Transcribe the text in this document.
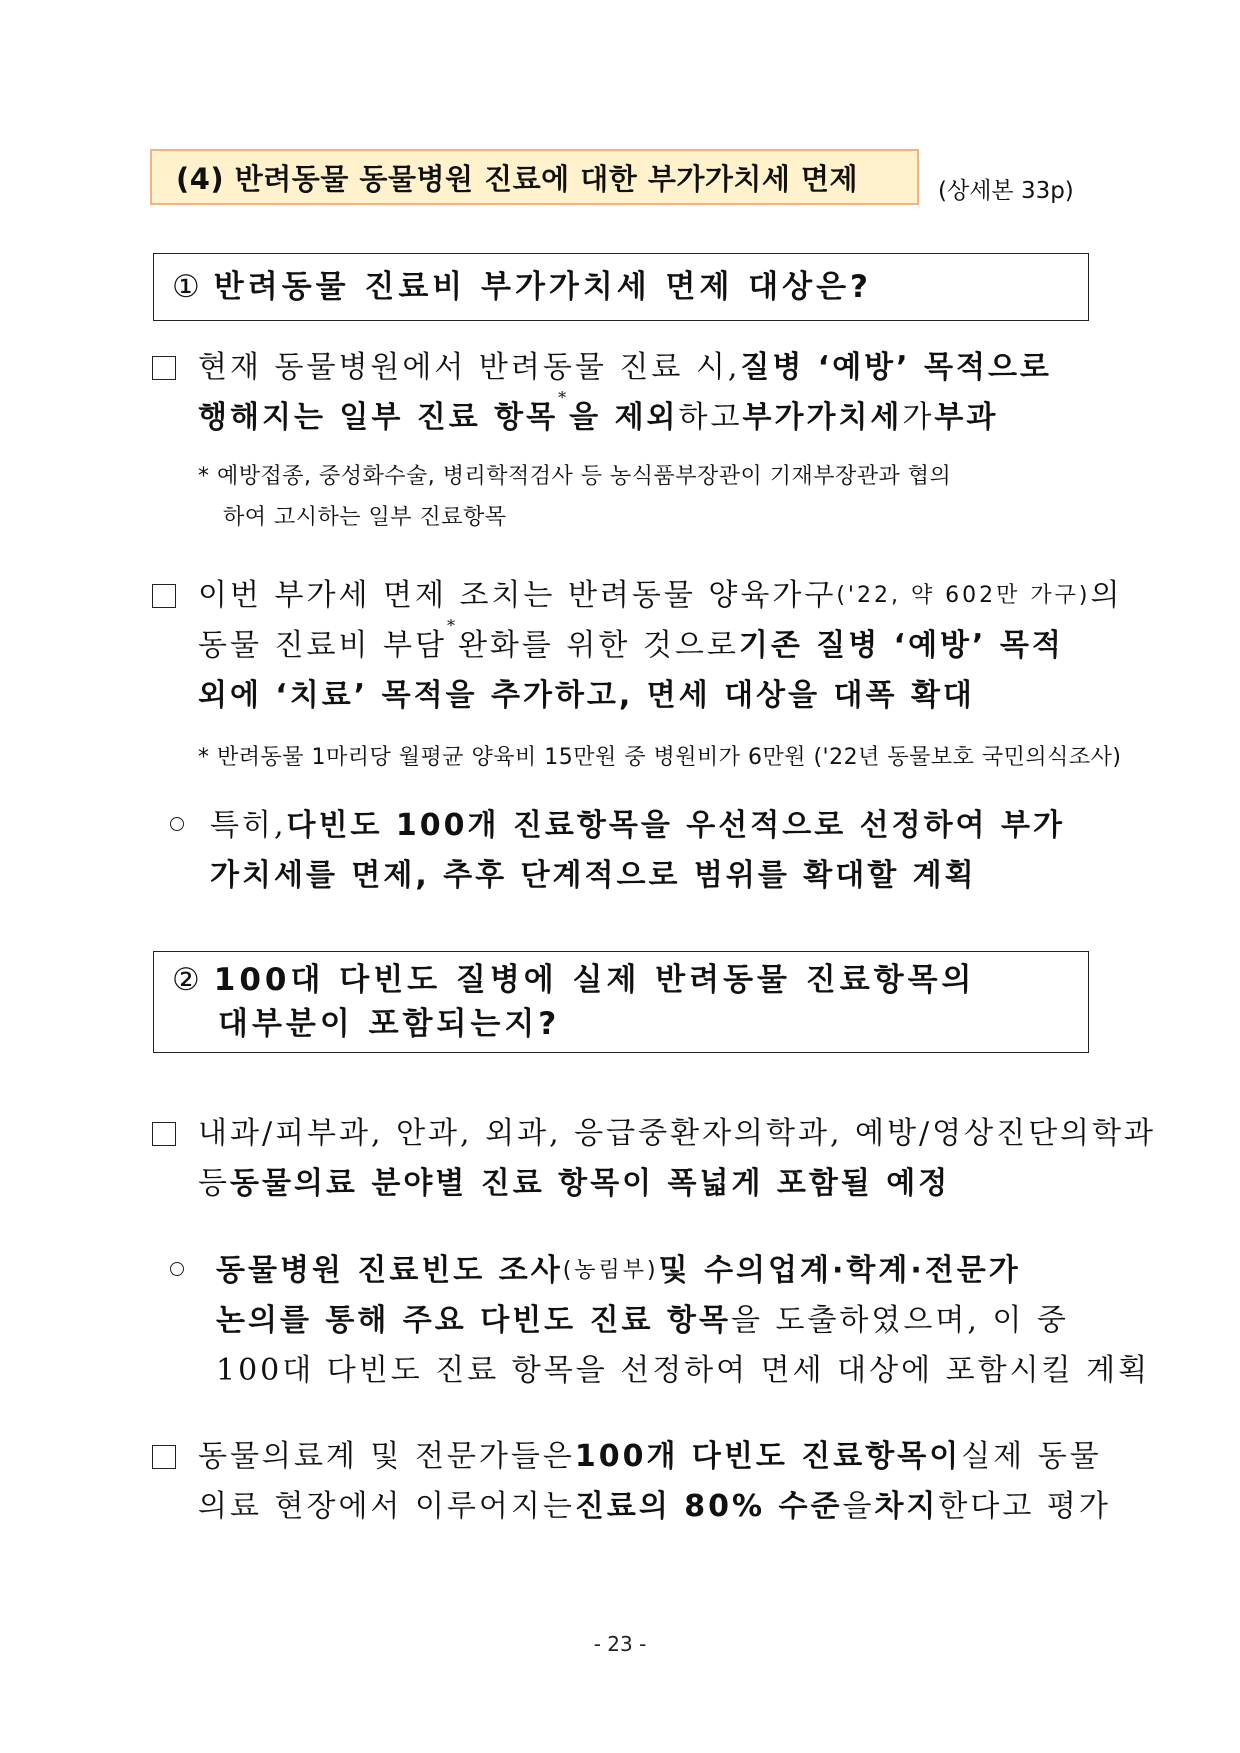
(4) 반려동물 동물병원 진료에 대한 부가가치세 면제	(상세본 33p)
① 반려동물 진료비 부가가치세 면제 대상은?
현재 동물병원에서 반려동물 진료 시, 질병 ‘예방’ 목적으로
행해지는 일부 진료 항목
*
을 제외 하고 부가가치세 가 부과
* 예방접종, 중성화수술, 병리학적검사 등 농식품부장관이 기재부장관과 협의
하여 고시하는 일부 진료항목
이번 부가세 면제 조치는 반려동물 양육가구 ('22, 약 602만 가구) 의
동물 진료비 부담
*
완화를 위한 것으로 기존 질병 ‘예방’ 목적
외에 ‘치료’ 목적을 추가하고, 면세 대상을 대폭 확대
* 반려동물 1마리당 월평균 양육비 15만원 중 병원비가 6만원 ('22년 동물보호 국민의식조사)
특히, 다빈도 100개 진료항목을 우선적으로 선정하여 부가
가치세를 면제, 추후 단계적으로 범위를 확대할 계획
② 100대 다빈도 질병에 실제 반려동물 진료항목의
대부분이 포함되는지?
내과/피부과, 안과, 외과, 응급중환자의학과, 예방/영상진단의학과
등 동물의료 분야별 진료 항목이 폭넓게 포함될 예정
동물병원 진료빈도 조사 (농림부) 및 수의업계·학계·전문가
논의를 통해 주요 다빈도 진료 항목 을 도출하였으며, 이 중
100대 다빈도 진료 항목을 선정하여 면세 대상에 포함시킬 계획
동물의료계 및 전문가들은 100개 다빈도 진료항목이 실제 동물
의료 현장에서 이루어지는 진료의 80% 수준 을 차지 한다고 평가
- 23 -
